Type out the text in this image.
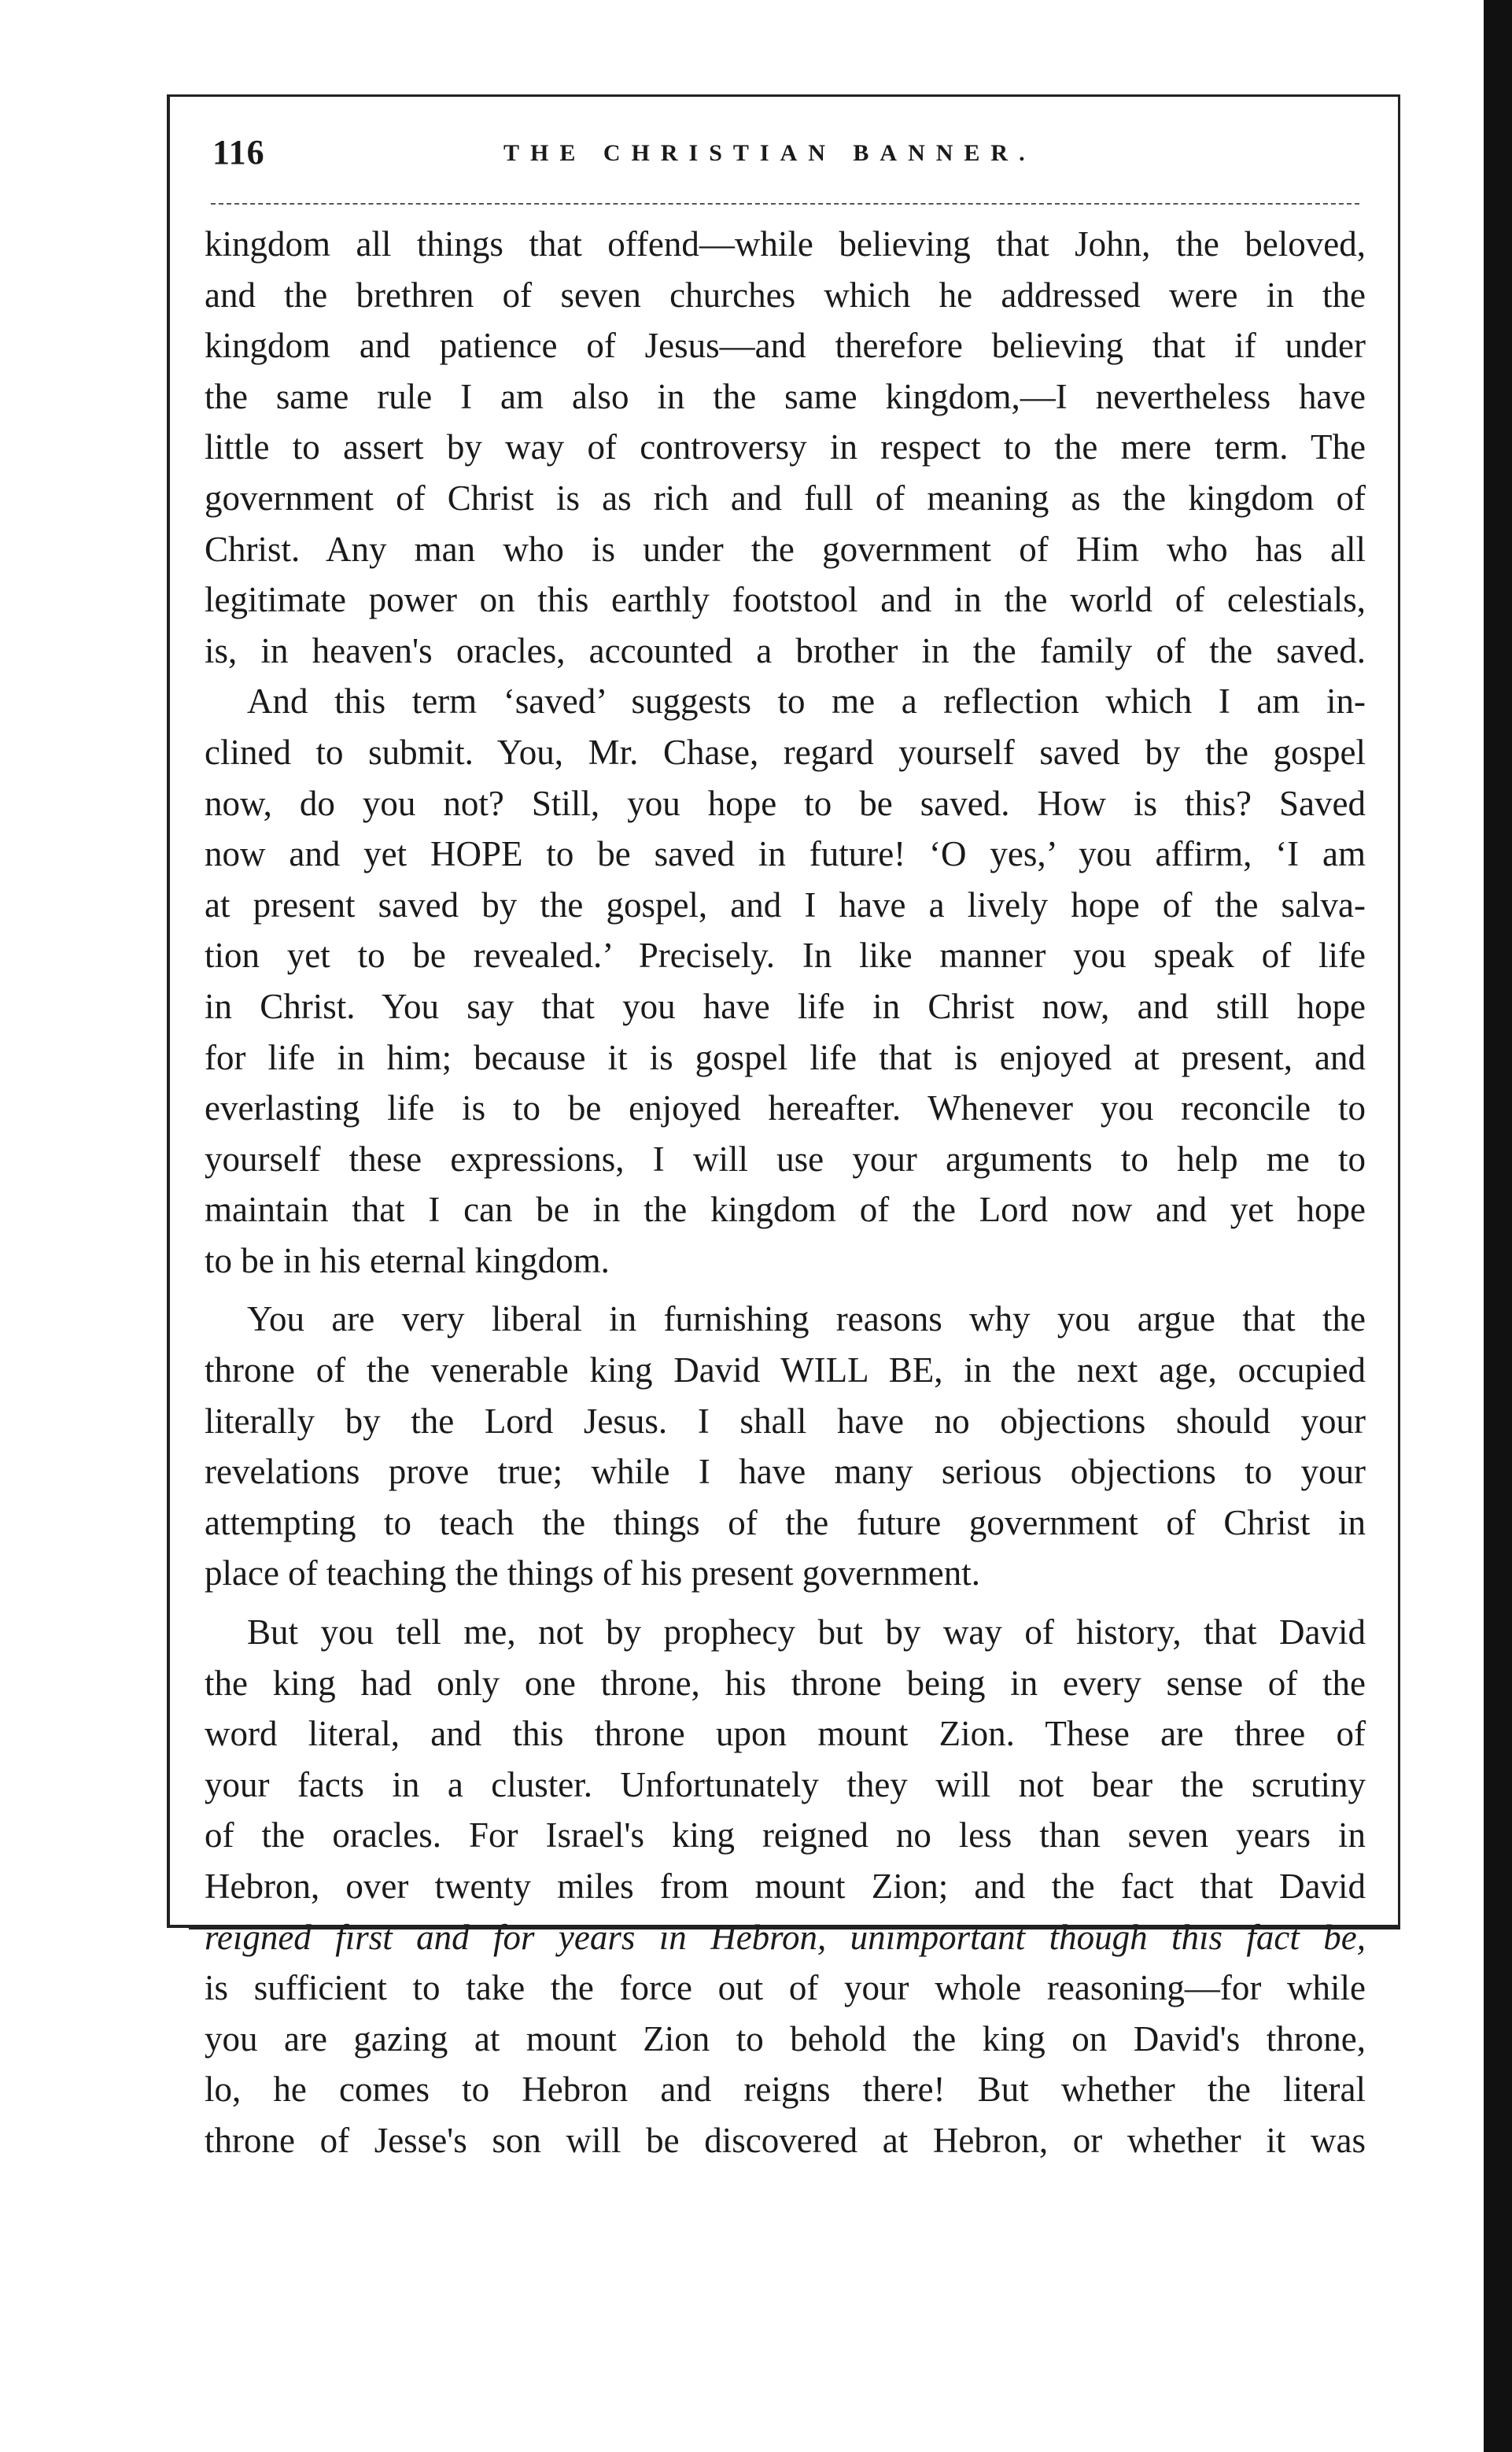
116	THE CHRISTIAN BANNER.
kingdom all things that offend—while believing that John, the beloved,
and the brethren of seven churches which he addressed were in the
kingdom and patience of Jesus—and therefore believing that if under
the same rule I am also in the same kingdom,—I nevertheless have
little to assert by way of controversy in respect to the mere term. The
government of Christ is as rich and full of meaning as the kingdom of
Christ. Any man who is under the government of Him who has all
legitimate power on this earthly footstool and in the world of celestials,
is, in heaven's oracles, accounted a brother in the family of the saved.
And this term ‘saved’ suggests to me a reflection which I am in-
clined to submit. You, Mr. Chase, regard yourself saved by the gospel
now, do you not? Still, you hope to be saved. How is this? Saved
now and yet HOPE to be saved in future! ‘O yes,’ you affirm, ‘I am
at present saved by the gospel, and I have a lively hope of the salva-
tion yet to be revealed.’ Precisely. In like manner you speak of life
in Christ. You say that you have life in Christ now, and still hope
for life in him; because it is gospel life that is enjoyed at present, and
everlasting life is to be enjoyed hereafter. Whenever you reconcile to
yourself these expressions, I will use your arguments to help me to
maintain that I can be in the kingdom of the Lord now and yet hope
to be in his eternal kingdom.
You are very liberal in furnishing reasons why you argue that the
throne of the venerable king David WILL BE, in the next age, occupied
literally by the Lord Jesus. I shall have no objections should your
revelations prove true; while I have many serious objections to your
attempting to teach the things of the future government of Christ in
place of teaching the things of his present government.
But you tell me, not by prophecy but by way of history, that David
the king had only one throne, his throne being in every sense of the
word literal, and this throne upon mount Zion. These are three of
your facts in a cluster. Unfortunately they will not bear the scrutiny
of the oracles. For Israel's king reigned no less than seven years in
Hebron, over twenty miles from mount Zion; and the fact that David
reigned first and for years in Hebron, unimportant though this fact be,
is sufficient to take the force out of your whole reasoning—for while
you are gazing at mount Zion to behold the king on David's throne,
lo, he comes to Hebron and reigns there! But whether the literal
throne of Jesse's son will be discovered at Hebron, or whether it was
